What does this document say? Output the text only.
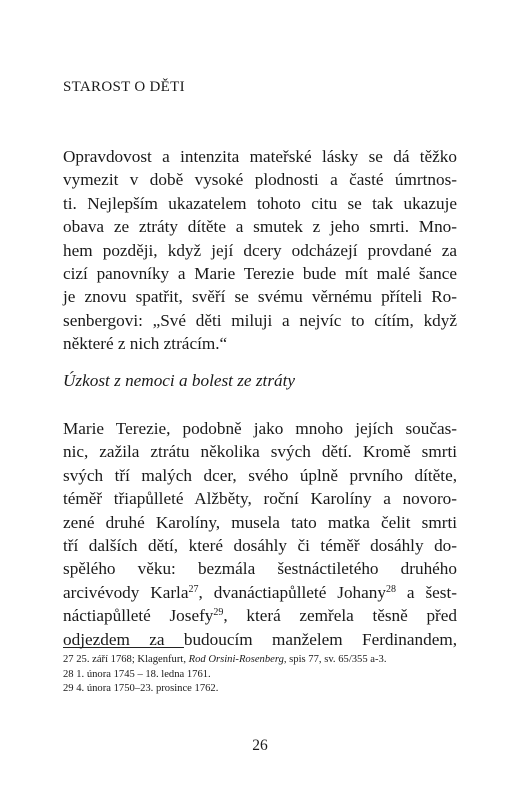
STAROST O DĚTI
Opravdovost a intenzita mateřské lásky se dá těžko
vymezit v době vysoké plodnosti a časté úmrtnos-
ti. Nejlepším ukazatelem tohoto citu se tak ukazuje
obava ze ztráty dítěte a smutek z jeho smrti. Mno-
hem později, když její dcery odcházejí provdané za
cizí panovníky a Marie Terezie bude mít malé šance
je znovu spatřit, svěří se svému věrnému příteli Ro-
senbergovi: „Své děti miluji a nejvíc to cítím, když
některé z nich ztrácím.“
Úzkost z nemoci a bolest ze ztráty
Marie Terezie, podobně jako mnoho jejích součas-
nic, zažila ztrátu několika svých dětí. Kromě smrti
svých tří malých dcer, svého úplně prvního dítěte,
téměř třiapůlleté Alžběty, roční Karolíny a novoro-
zené druhé Karolíny, musela tato matka čelit smrti
tří dalších dětí, které dosáhly či téměř dosáhly do-
spělého věku: bezmála šestnáctiletého druhého
arcivévody Karla$^{27}$, dvanáctiapůlleté Johany$^{28}$ a šest-
náctiapůlleté Josefy$^{29}$, která zemřela těsně před
odjezdem za budoucím manželem Ferdinandem,
27 25. září 1768; Klagenfurt, Rod Orsini-Rosenberg, spis 77, sv. 65/355 a-3.
28 1. února 1745 – 18. ledna 1761.
29 4. února 1750–23. prosince 1762.
26
